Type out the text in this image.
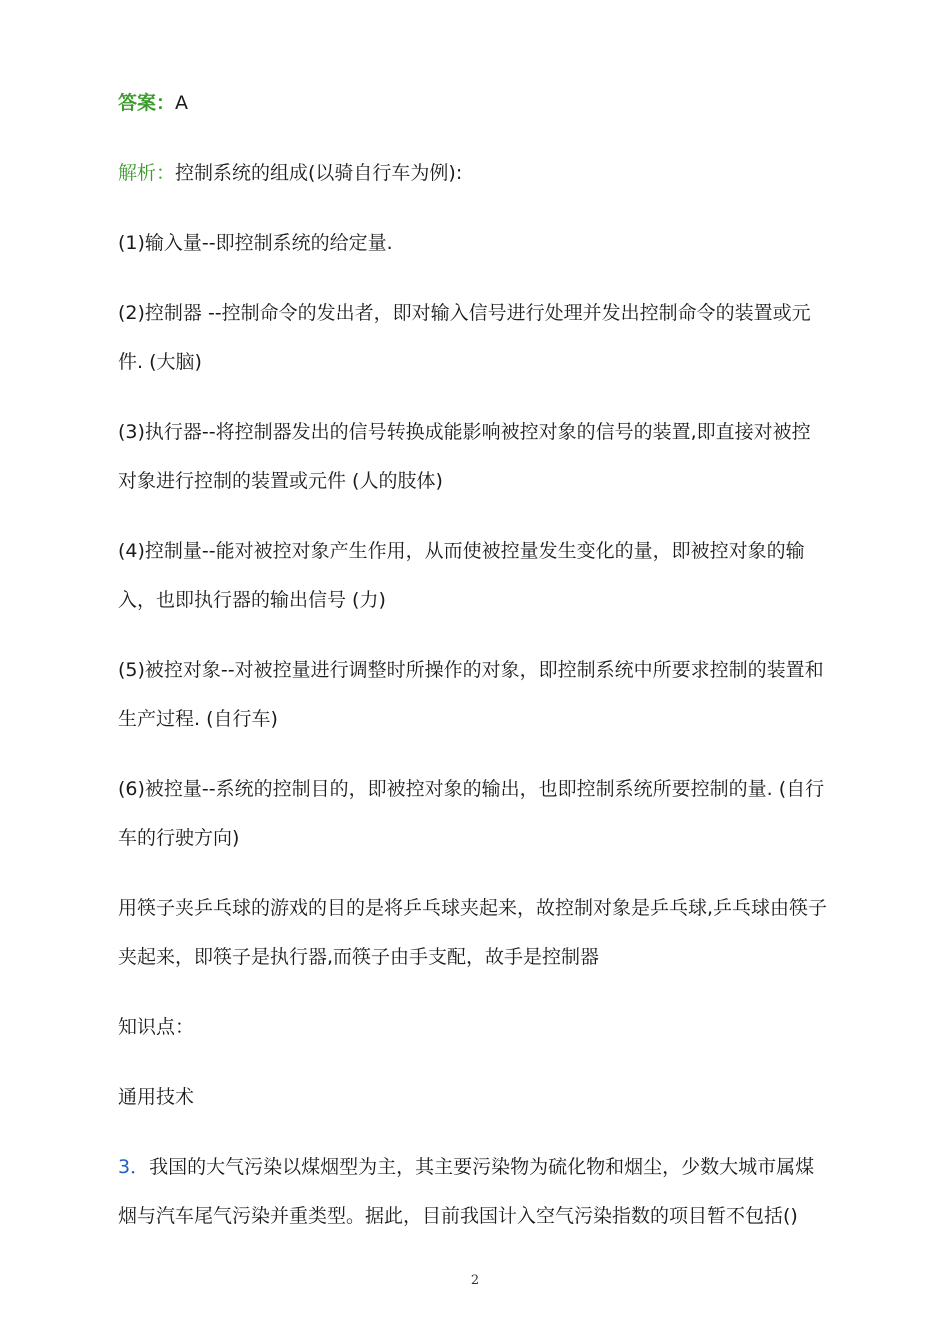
答案：A
解析：控制系统的组成(以骑自行车为例):
(1)输入量--即控制系统的给定量.
(2)控制器 --控制命令的发出者，即对输入信号进行处理并发出控制命令的装置或元
件. (大脑)
(3)执行器--将控制器发出的信号转换成能影响被控对象的信号的装置,即直接对被控
对象进行控制的装置或元件 (人的肢体)
(4)控制量--能对被控对象产生作用，从而使被控量发生变化的量，即被控对象的输
入，也即执行器的输出信号 (力)
(5)被控对象--对被控量进行调整时所操作的对象，即控制系统中所要求控制的装置和
生产过程. (自行车)
(6)被控量--系统的控制目的，即被控对象的输出，也即控制系统所要控制的量. (自行
车的行驶方向)
用筷子夹乒乓球的游戏的目的是将乒乓球夹起来，故控制对象是乒乓球,乒乓球由筷子
夹起来，即筷子是执行器,而筷子由手支配，故手是控制器
知识点：
通用技术
3．我国的大气污染以煤烟型为主，其主要污染物为硫化物和烟尘，少数大城市属煤
烟与汽车尾气污染并重类型。据此，目前我国计入空气污染指数的项目暂不包括()
2
